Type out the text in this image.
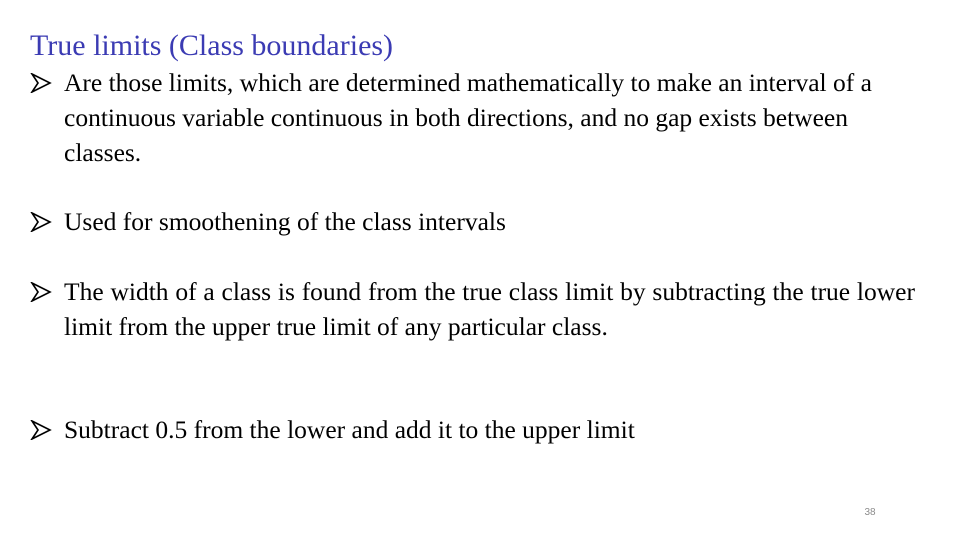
True limits (Class boundaries)
Are those limits, which are determined mathematically to make an interval of a continuous variable continuous in both directions, and no gap exists between classes.
Used for smoothening of the class intervals
The width of a class is found from the true class limit by subtracting the true lower limit from the upper true limit of any particular class.
Subtract 0.5 from the lower and add it to the upper limit
38
